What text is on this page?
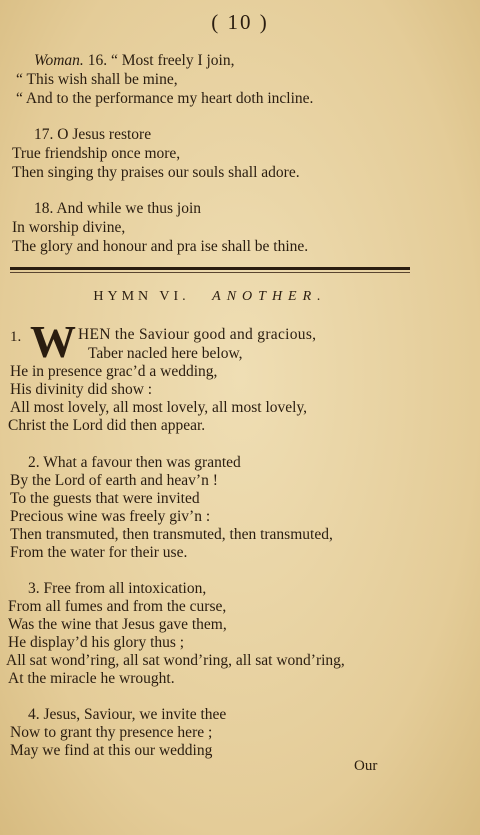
( 10 )
Woman. 16. “ Most freely I join,
“ This wish shall be mine,
“ And to the performance my heart doth incline.
17. O Jesus restore
True friendship once more,
Then singing thy praises our souls shall adore.
18. And while we thus join
In worship divine,
The glory and honour and pra ise shall be thine.
HYMN VI. ANOTHER.
1. W HEN the Saviour good and gracious,
Taber nacled here below,
He in presence grac’d a wedding,
His divinity did show :
All most lovely, all most lovely, all most lovely,
Christ the Lord did then appear.
2. What a favour then was granted
By the Lord of earth and heav’n !
To the guests that were invited
Precious wine was freely giv’n :
Then transmuted, then transmuted, then transmuted,
From the water for their use.
3. Free from all intoxication,
From all fumes and from the curse,
Was the wine that Jesus gave them,
He display’d his glory thus ;
All sat wond’ring, all sat wond’ring, all sat wond’ring,
At the miracle he wrought.
4. Jesus, Saviour, we invite thee
Now to grant thy presence here ;
May we find at this our wedding
Our
